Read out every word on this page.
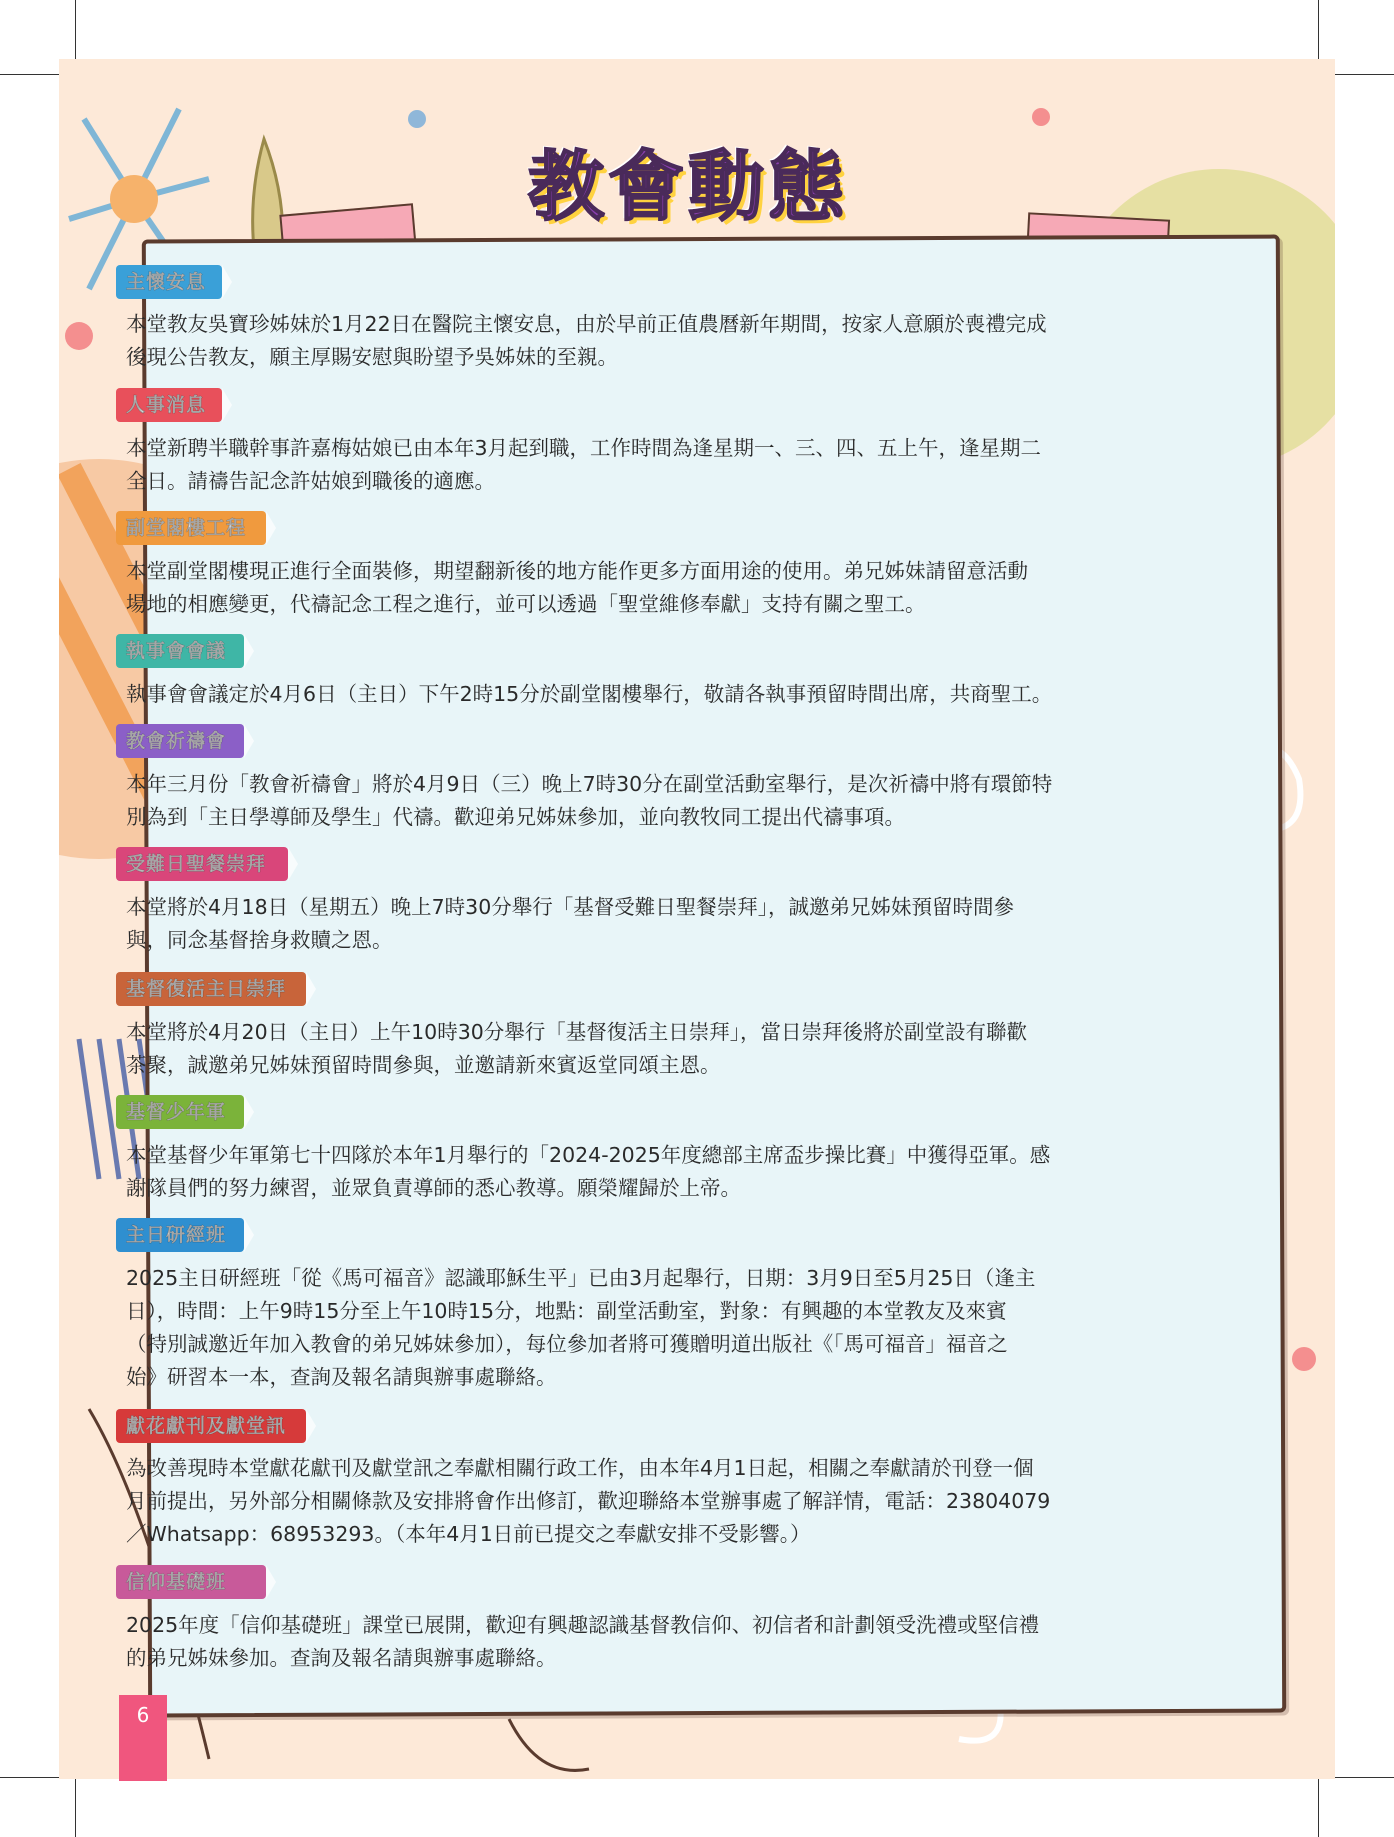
教會動態
主懷安息
本堂教友吳寶珍姊妹於1月22日在醫院主懷安息，由於早前正值農曆新年期間，按家人意願於喪禮完成
後現公告教友，願主厚賜安慰與盼望予吳姊妹的至親。
人事消息
本堂新聘半職幹事許嘉梅姑娘已由本年3月起到職，工作時間為逢星期一、三、四、五上午，逢星期二
全日。請禱告記念許姑娘到職後的適應。
副堂閣樓工程
本堂副堂閣樓現正進行全面裝修，期望翻新後的地方能作更多方面用途的使用。弟兄姊妹請留意活動
場地的相應變更，代禱記念工程之進行，並可以透過「聖堂維修奉獻」支持有關之聖工。
執事會會議
執事會會議定於4月6日（主日）下午2時15分於副堂閣樓舉行，敬請各執事預留時間出席，共商聖工。
教會祈禱會
本年三月份「教會祈禱會」將於4月9日（三）晚上7時30分在副堂活動室舉行，是次祈禱中將有環節特
別為到「主日學導師及學生」代禱。歡迎弟兄姊妹參加，並向教牧同工提出代禱事項。
受難日聖餐崇拜
本堂將於4月18日（星期五）晚上7時30分舉行「基督受難日聖餐崇拜」，誠邀弟兄姊妹預留時間參
與，同念基督捨身救贖之恩。
基督復活主日崇拜
本堂將於4月20日（主日）上午10時30分舉行「基督復活主日崇拜」，當日崇拜後將於副堂設有聯歡
茶聚，誠邀弟兄姊妹預留時間參與，並邀請新來賓返堂同頌主恩。
基督少年軍
本堂基督少年軍第七十四隊於本年1月舉行的「2024-2025年度總部主席盃步操比賽」中獲得亞軍。感
謝隊員們的努力練習，並眾負責導師的悉心教導。願榮耀歸於上帝。
主日研經班
2025主日研經班「從《馬可福音》認識耶穌生平」已由3月起舉行，日期：3月9日至5月25日（逢主
日），時間：上午9時15分至上午10時15分，地點：副堂活動室，對象：有興趣的本堂教友及來賓
（特別誠邀近年加入教會的弟兄姊妹參加），每位參加者將可獲贈明道出版社《「馬可福音」福音之
始》研習本一本，查詢及報名請與辦事處聯絡。
獻花獻刊及獻堂訊
為改善現時本堂獻花獻刊及獻堂訊之奉獻相關行政工作，由本年4月1日起，相關之奉獻請於刊登一個
月前提出，另外部分相關條款及安排將會作出修訂，歡迎聯絡本堂辦事處了解詳情，電話：23804079
／Whatsapp：68953293。（本年4月1日前已提交之奉獻安排不受影響。）
信仰基礎班
2025年度「信仰基礎班」課堂已展開，歡迎有興趣認識基督教信仰、初信者和計劃領受洗禮或堅信禮
的弟兄姊妹參加。查詢及報名請與辦事處聯絡。
6
